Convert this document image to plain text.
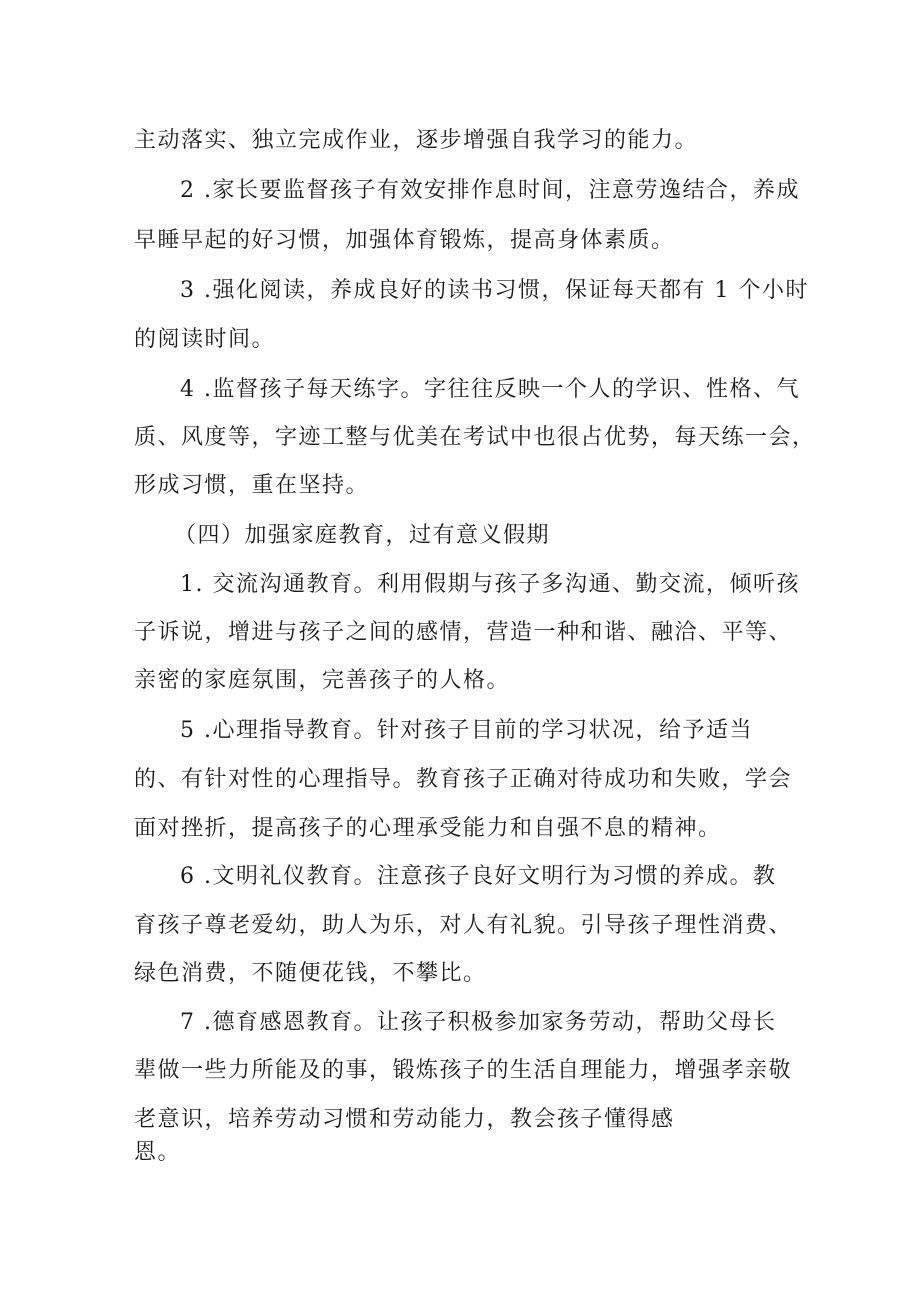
主动落实、独立完成作业，逐步增强自我学习的能力。
2 .家长要监督孩子有效安排作息时间，注意劳逸结合，养成
早睡早起的好习惯，加强体育锻炼，提高身体素质。
3 .强化阅读，养成良好的读书习惯，保证每天都有 1 个小时
的阅读时间。
4 .监督孩子每天练字。字往往反映一个人的学识、性格、气
质、风度等，字迹工整与优美在考试中也很占优势，每天练一会，
形成习惯，重在坚持。
（四）加强家庭教育，过有意义假期
1. 交流沟通教育。利用假期与孩子多沟通、勤交流，倾听孩
子诉说，增进与孩子之间的感情，营造一种和谐、融洽、平等、
亲密的家庭氛围，完善孩子的人格。
5 .心理指导教育。针对孩子目前的学习状况，给予适当
的、有针对性的心理指导。教育孩子正确对待成功和失败，学会
面对挫折，提高孩子的心理承受能力和自强不息的精神。
6 .文明礼仪教育。注意孩子良好文明行为习惯的养成。教
育孩子尊老爱幼，助人为乐，对人有礼貌。引导孩子理性消费、
绿色消费，不随便花钱，不攀比。
7 .德育感恩教育。让孩子积极参加家务劳动，帮助父母长
辈做一些力所能及的事，锻炼孩子的生活自理能力，增强孝亲敬
老意识，培养劳动习惯和劳动能力，教会孩子懂得感
恩。
